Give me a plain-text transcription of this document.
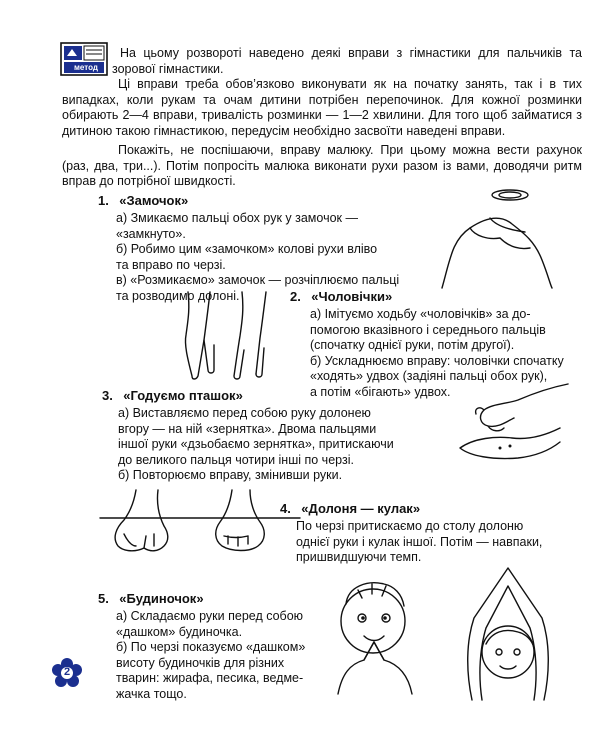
метод

На цьому розвороті наведено деякі вправи з гімнастики для пальчиків та зорової гімнастики.

Ці вправи треба обов’язково виконувати як на початку занять, так і в тих випадках, коли рукам та очам дитини потрібен перепочинок. Для кожної розминки обирають 2—4 вправи, тривалість розминки — 1—2 хвилини. Для того щоб займатися з дитиною такою гімнастикою, передусім необхідно засвоїти наведені вправи.

Покажіть, не поспішаючи, вправу малюку. При цьому можна вести рахунок (раз, два, три...). Потім попросіть малюка виконати рухи разом із вами, доводячи ритм вправ до потрібної швидкості.

1. «Замочок»

а) Змикаємо пальці обох рук у замочок —

«замкнуто».

б) Робимо цим «замочком» колові рухи вліво

та вправо по черзі.

в) «Розмикаємо» замочок — розчіплюємо пальці

та розводимо долоні.	2. «Чоловічки»

а) Імітуємо ходьбу «чоловічків» за до-

помогою вказівного і середнього пальців

(спочатку однієї руки, потім другої).

б) Ускладнюємо вправу: чоловічки спочатку

«ходять» удвох (задіяні пальці обох рук),

а потім «бігають» удвох.

3. «Годуємо пташок»

а) Виставляємо перед собою руку долонею

вгору — на ній «зернятка». Двома пальцями

іншої руки «дзьобаємо зернятка», притискаючи

до великого пальця чотири інші по черзі.

б) Повторюємо вправу, змінивши руки.

4. «Долоня — кулак»

По черзі притискаємо до столу долоню

однієї руки і кулак іншої. Потім — навпаки,

пришвидшуючи темп.

5. «Будиночок»

а) Складаємо руки перед собою

«дашком» будиночка.

б) По черзі показуємо «дашком»

висоту будиночків для різних

тварин: жирафа, песика, ведме-

жачка тощо.

2
